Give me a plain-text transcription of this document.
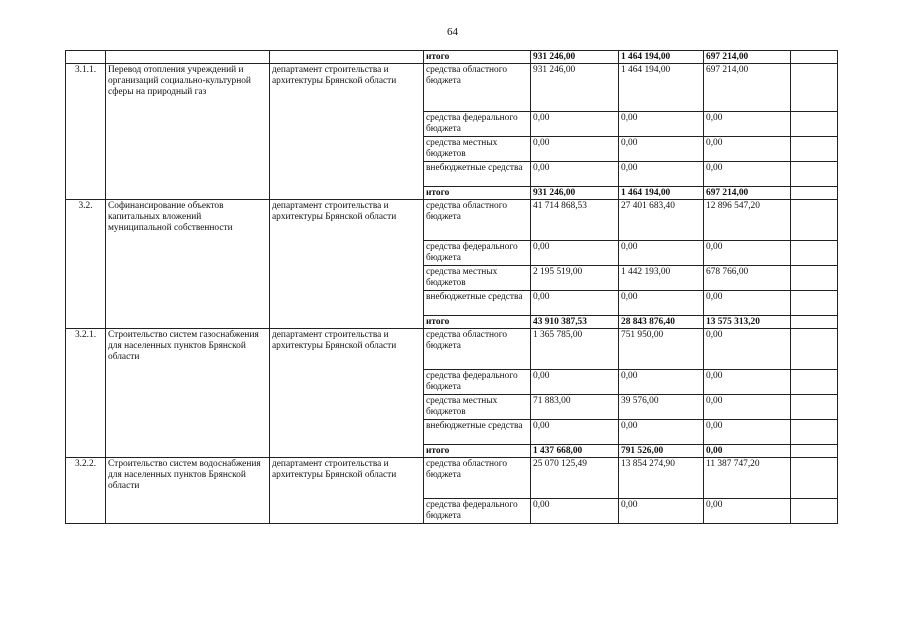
64
			итого	931 246,00	1 464 194,00	697 214,00	
3.1.1.	Перевод отопления учреждений и организаций социально-культурной сферы на природный газ	департамент строительства и архитектуры Брянской области	средства областного бюджета	931 246,00	1 464 194,00	697 214,00	
			средства федерального бюджета	0,00	0,00	0,00	
			средства местных бюджетов	0,00	0,00	0,00	
			внебюджетные средства	0,00	0,00	0,00	
			итого	931 246,00	1 464 194,00	697 214,00	
3.2.	Софинансирование объектов капитальных вложений муниципальной собственности	департамент строительства и архитектуры Брянской области	средства областного бюджета	41 714 868,53	27 401 683,40	12 896 547,20	
			средства федерального бюджета	0,00	0,00	0,00	
			средства местных бюджетов	2 195 519,00	1 442 193,00	678 766,00	
			внебюджетные средства	0,00	0,00	0,00	
			итого	43 910 387,53	28 843 876,40	13 575 313,20	
3.2.1.	Строительство систем газоснабжения для населенных пунктов Брянской области	департамент строительства и архитектуры Брянской области	средства областного бюджета	1 365 785,00	751 950,00	0,00	
			средства федерального бюджета	0,00	0,00	0,00	
			средства местных бюджетов	71 883,00	39 576,00	0,00	
			внебюджетные средства	0,00	0,00	0,00	
			итого	1 437 668,00	791 526,00	0,00	
3.2.2.	Строительство систем водоснабжения для населенных пунктов Брянской области	департамент строительства и архитектуры Брянской области	средства областного бюджета	25 070 125,49	13 854 274,90	11 387 747,20	
			средства федерального бюджета	0,00	0,00	0,00	
